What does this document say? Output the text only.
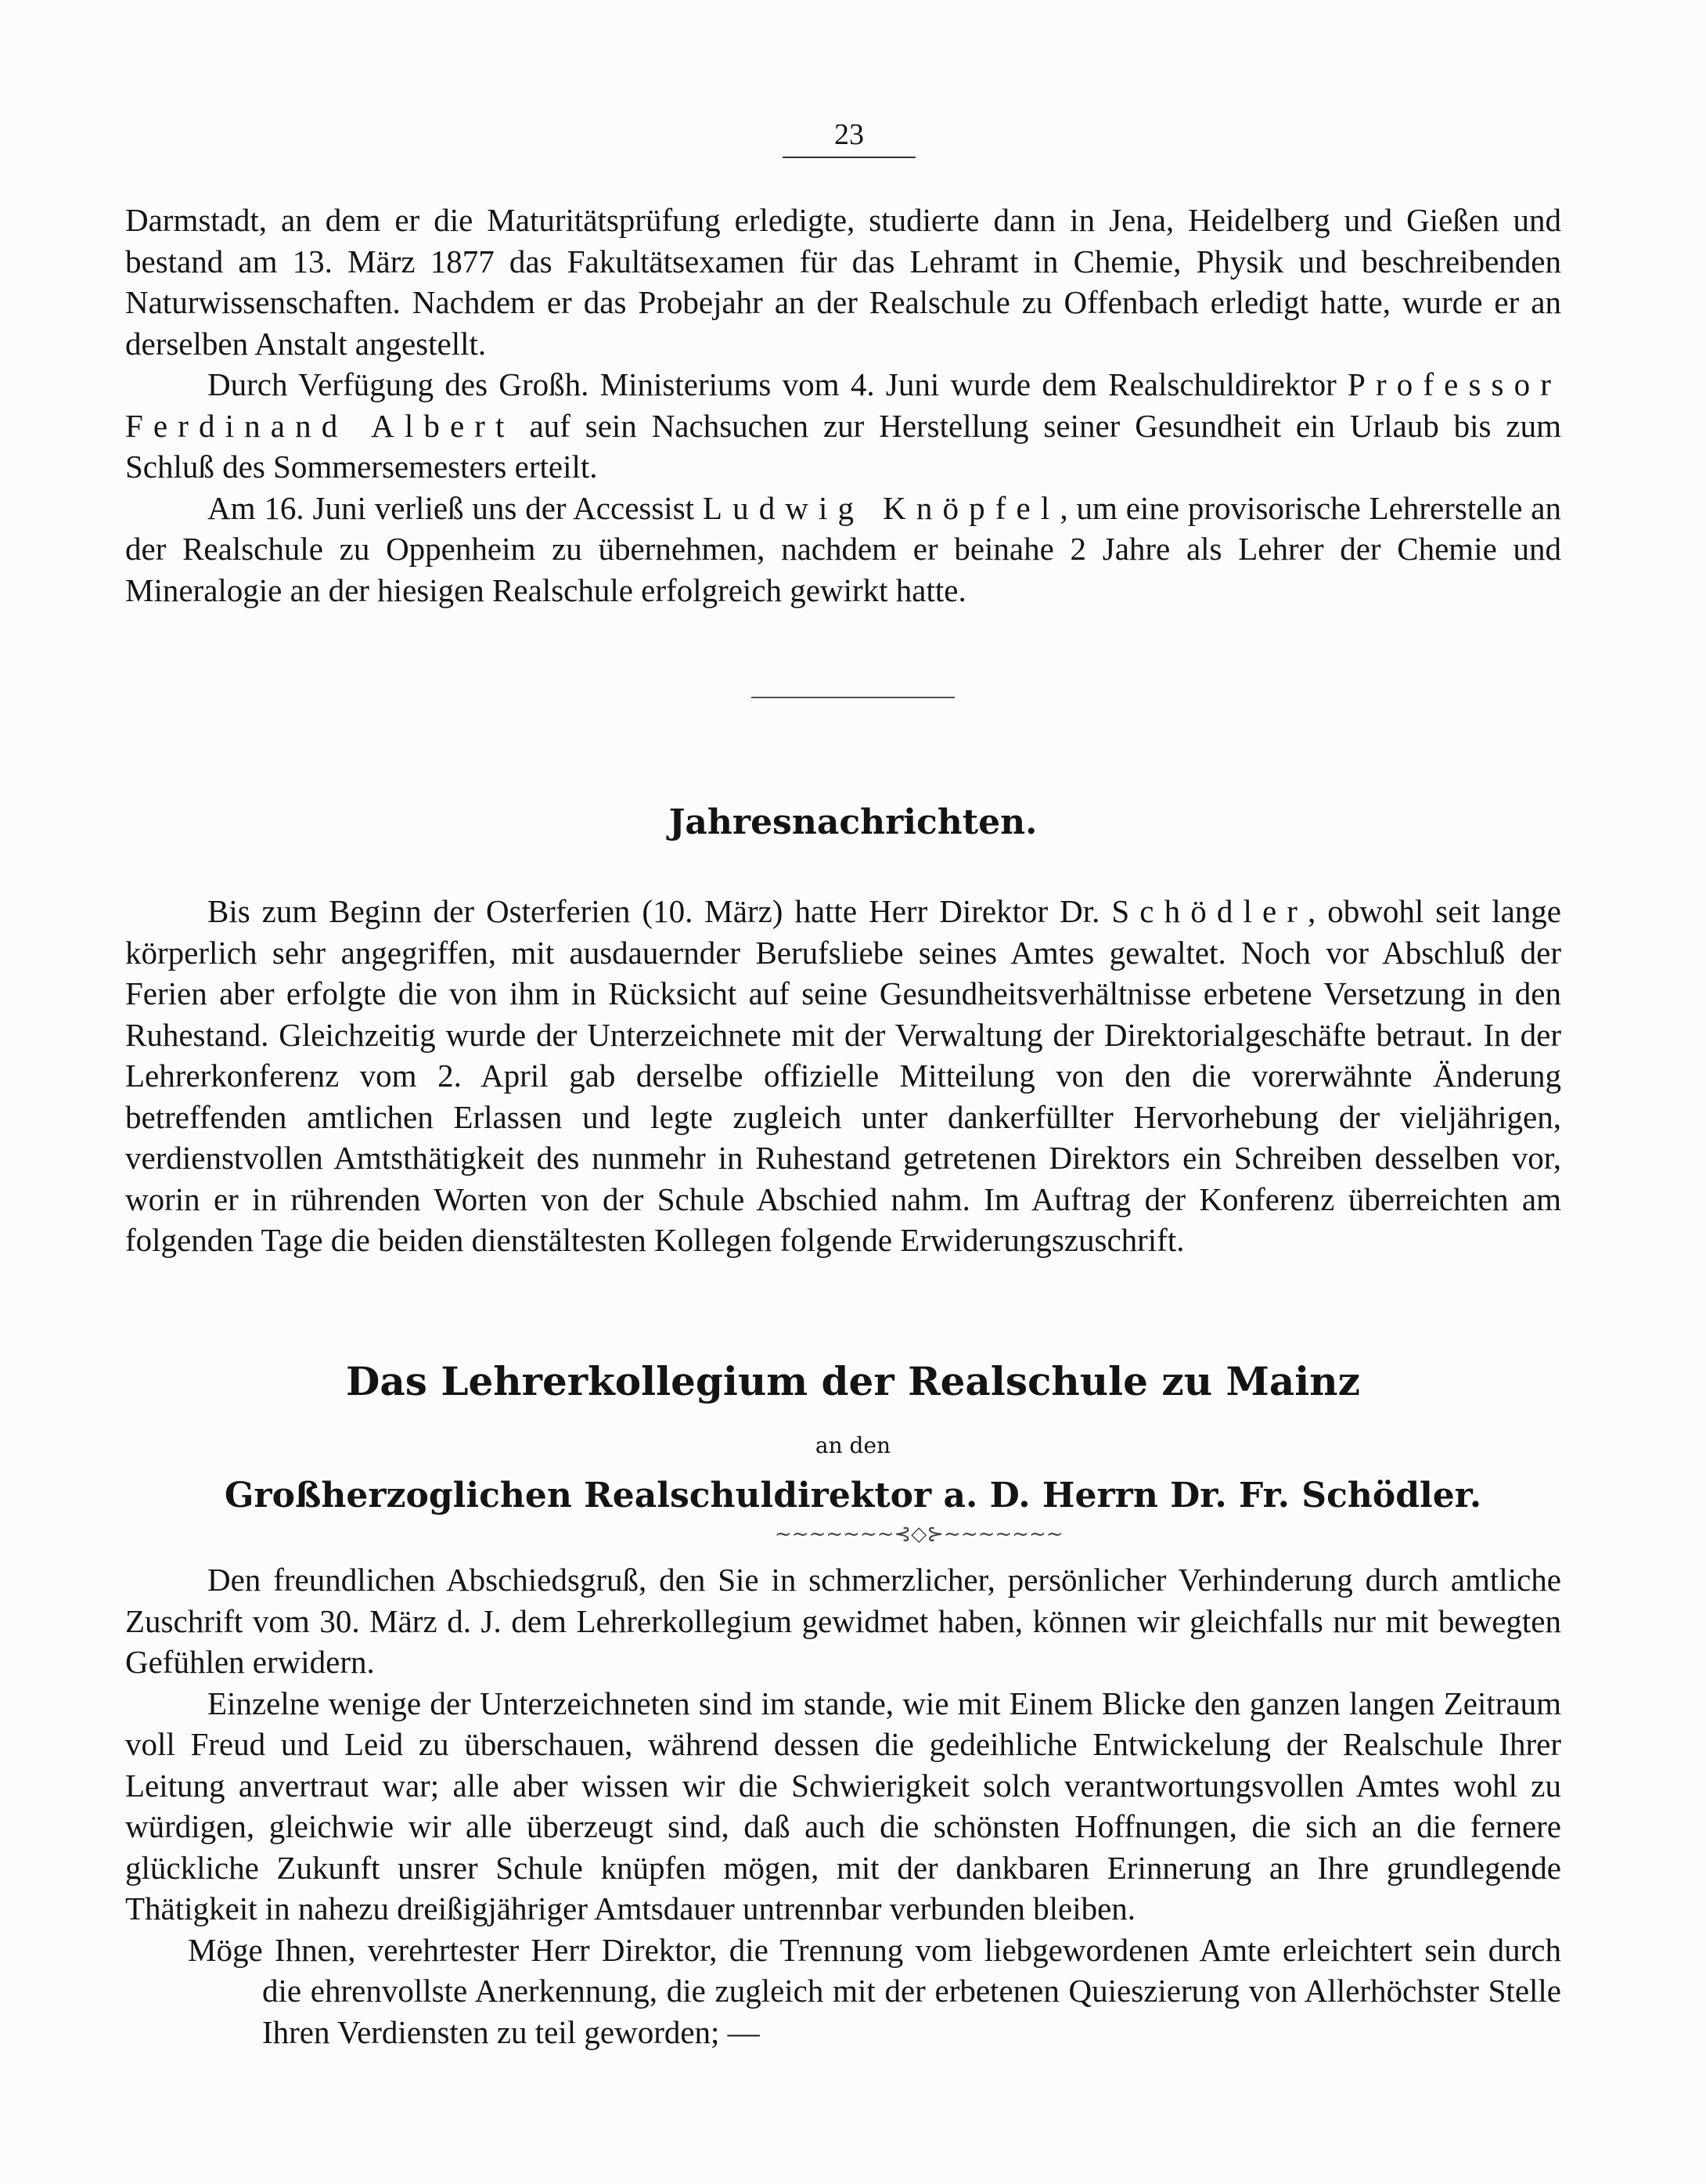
23

Darmstadt, an dem er die Maturitätsprüfung erledigte, studierte dann in Jena, Heidelberg und Gießen und bestand am 13. März 1877 das Fakultätsexamen für das Lehramt in Chemie, Physik und beschreibenden Naturwissenschaften. Nachdem er das Probejahr an der Realschule zu Offenbach erledigt hatte, wurde er an derselben Anstalt angestellt.

Durch Verfügung des Großh. Ministeriums vom 4. Juni wurde dem Realschuldirektor Professor Ferdinand Albert auf sein Nachsuchen zur Herstellung seiner Gesundheit ein Urlaub bis zum Schluß des Sommersemesters erteilt.

Am 16. Juni verließ uns der Accessist Ludwig Knöpfel, um eine provisorische Lehrerstelle an der Realschule zu Oppenheim zu übernehmen, nachdem er beinahe 2 Jahre als Lehrer der Chemie und Mineralogie an der hiesigen Realschule erfolgreich gewirkt hatte.

Jahresnachrichten.

Bis zum Beginn der Osterferien (10. März) hatte Herr Direktor Dr. Schödler, obwohl seit lange körperlich sehr angegriffen, mit ausdauernder Berufsliebe seines Amtes gewaltet. Noch vor Abschluß der Ferien aber erfolgte die von ihm in Rücksicht auf seine Gesundheitsverhältnisse erbetene Versetzung in den Ruhestand. Gleichzeitig wurde der Unterzeichnete mit der Verwaltung der Direktorialgeschäfte betraut. In der Lehrerkonferenz vom 2. April gab derselbe offizielle Mitteilung von den die vorerwähnte Änderung betreffenden amtlichen Erlassen und legte zugleich unter dankerfüllter Hervorhebung der vieljährigen, verdienstvollen Amtsthätigkeit des nunmehr in Ruhestand getretenen Direktors ein Schreiben desselben vor, worin er in rührenden Worten von der Schule Abschied nahm. Im Auftrag der Konferenz überreichten am folgenden Tage die beiden dienstältesten Kollegen folgende Erwiderungszuschrift.

Das Lehrerkollegium der Realschule zu Mainz
an den
Großherzoglichen Realschuldirektor a. D. Herrn Dr. Fr. Schödler.
~~~~~~~⊰◇⊱~~~~~~~

Den freundlichen Abschiedsgruß, den Sie in schmerzlicher, persönlicher Verhinderung durch amtliche Zuschrift vom 30. März d. J. dem Lehrerkollegium gewidmet haben, können wir gleichfalls nur mit bewegten Gefühlen erwidern.

Einzelne wenige der Unterzeichneten sind im stande, wie mit Einem Blicke den ganzen langen Zeitraum voll Freud und Leid zu überschauen, während dessen die gedeihliche Entwickelung der Realschule Ihrer Leitung anvertraut war; alle aber wissen wir die Schwierigkeit solch verantwortungsvollen Amtes wohl zu würdigen, gleichwie wir alle überzeugt sind, daß auch die schönsten Hoffnungen, die sich an die fernere glückliche Zukunft unsrer Schule knüpfen mögen, mit der dankbaren Erinnerung an Ihre grundlegende Thätigkeit in nahezu dreißigjähriger Amtsdauer untrennbar verbunden bleiben.

Möge Ihnen, verehrtester Herr Direktor, die Trennung vom liebgewordenen Amte erleichtert sein durch die ehrenvollste Anerkennung, die zugleich mit der erbetenen Quieszierung von Allerhöchster Stelle Ihren Verdiensten zu teil geworden; —
